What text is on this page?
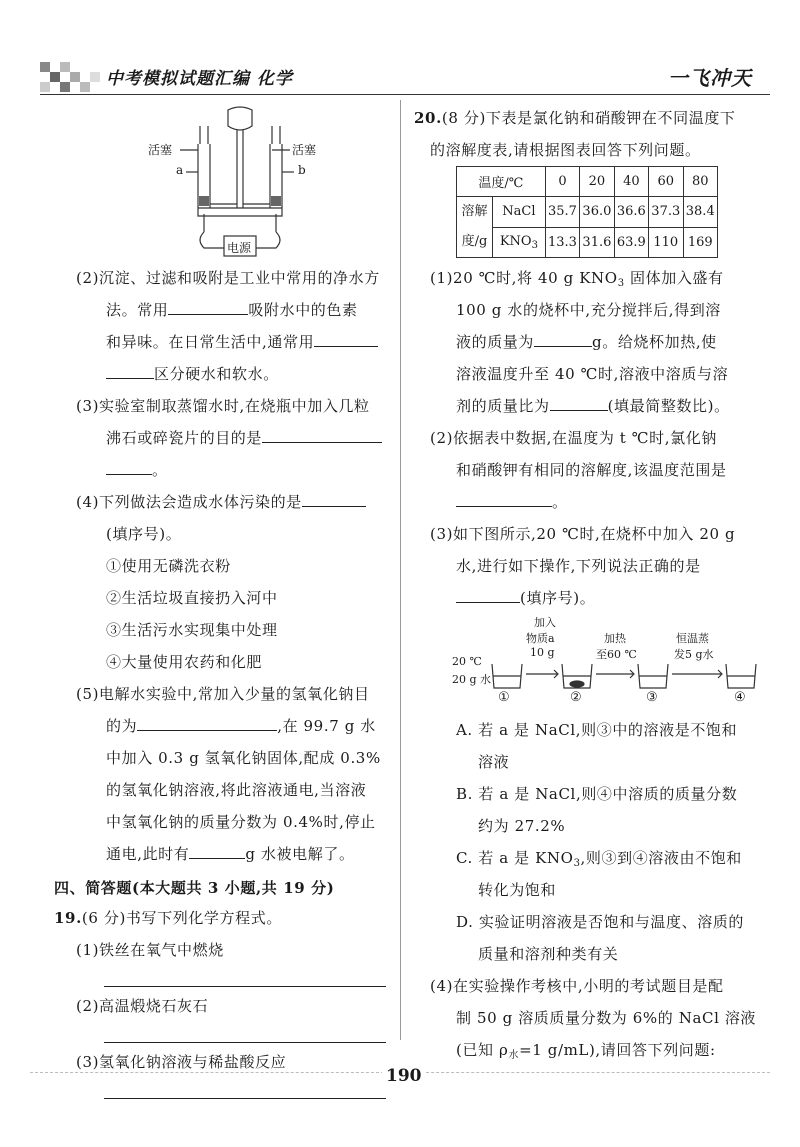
中考模拟试题汇编 化学	一飞冲天
活塞	活塞
a	b
电源
(2)沉淀、过滤和吸附是工业中常用的净水方
法。常用	吸附水中的色素
和异味。在日常生活中,通常用
区分硬水和软水。
(3)实验室制取蒸馏水时,在烧瓶中加入几粒
沸石或碎瓷片的目的是
。
(4)下列做法会造成水体污染的是
(填序号)。
①使用无磷洗衣粉
②生活垃圾直接扔入河中
③生活污水实现集中处理
④大量使用农药和化肥
(5)电解水实验中,常加入少量的氢氧化钠目
的为	,在 99.7 g 水
中加入 0.3 g 氢氧化钠固体,配成 0.3%
的氢氧化钠溶液,将此溶液通电,当溶液
中氢氧化钠的质量分数为 0.4%时,停止
通电,此时有	g 水被电解了。
四、简答题(本大题共 3 小题,共 19 分)
19.(6 分)书写下列化学方程式。
(1)铁丝在氧气中燃烧
(2)高温煅烧石灰石
(3)氢氧化钠溶液与稀盐酸反应
20.(8 分)下表是氯化钠和硝酸钾在不同温度下
的溶解度表,请根据图表回答下列问题。
温度/℃		0	20	40	60	80
溶解
度/g	NaCl	35.7	36.0	36.6	37.3	38.4
	$KNO_3$	13.3	31.6	63.9	110	169
(1)20 ℃时,将 40 g $KNO_3$ 固体加入盛有
100 g 水的烧杯中,充分搅拌后,得到溶
液的质量为	g。给烧杯加热,使
溶液温度升至 40 ℃时,溶液中溶质与溶
剂的质量比为	(填最简整数比)。
(2)依据表中数据,在温度为 t ℃时,氯化钠
和硝酸钾有相同的溶解度,该温度范围是
。
(3)如下图所示,20 ℃时,在烧杯中加入 20 g
水,进行如下操作,下列说法正确的是
(填序号)。
20 ℃
20 g 水
加入
物质a
10 g
加热
至60 ℃
恒温蒸
发5 g水
①	②	③	④
A. 若 a 是 NaCl,则③中的溶液是不饱和
溶液
B. 若 a 是 NaCl,则④中溶质的质量分数
约为 27.2%
C. 若 a 是 $KNO_3$,则③到④溶液由不饱和
转化为饱和
D. 实验证明溶液是否饱和与温度、溶质的
质量和溶剂种类有关
(4)在实验操作考核中,小明的考试题目是配
制 50 g 溶质质量分数为 6%的 NaCl 溶液
(已知 $\rho_水=1$ g/mL),请回答下列问题:
190
